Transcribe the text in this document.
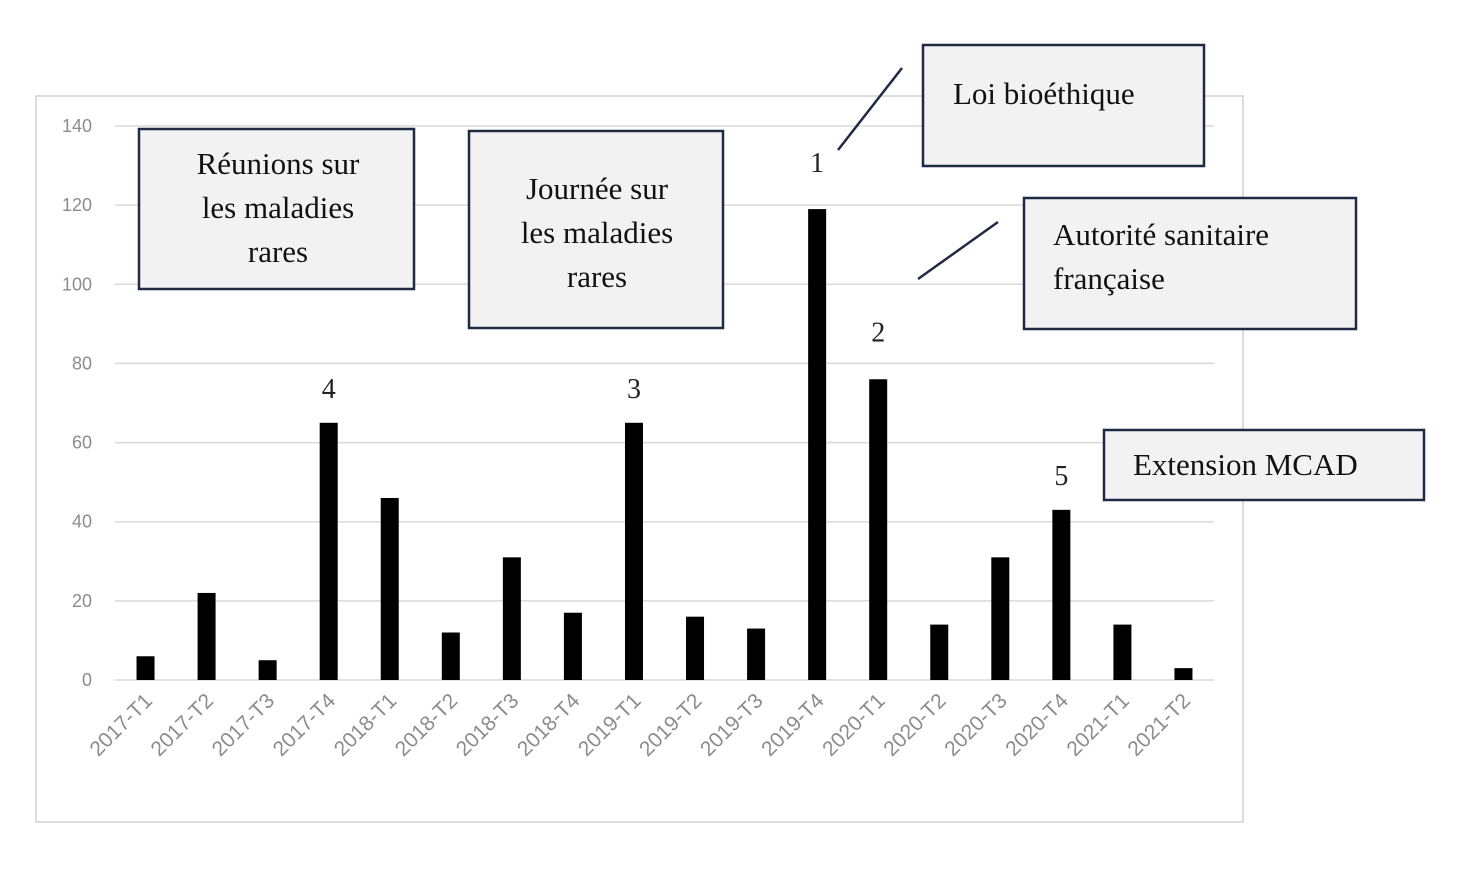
0
20
40
60
80
100
120
140
2017-T1
2017-T2
2017-T3
2017-T4
2018-T1
2018-T2
2018-T3
2018-T4
2019-T1
2019-T2
2019-T3
2019-T4
2020-T1
2020-T2
2020-T3
2020-T4
2021-T1
2021-T2
4	3
1
2
5
Réunions sur
les maladies
rares
Journée sur
les maladies
rares
Loi bioéthique
Autorité sanitaire
française
Extension MCAD
